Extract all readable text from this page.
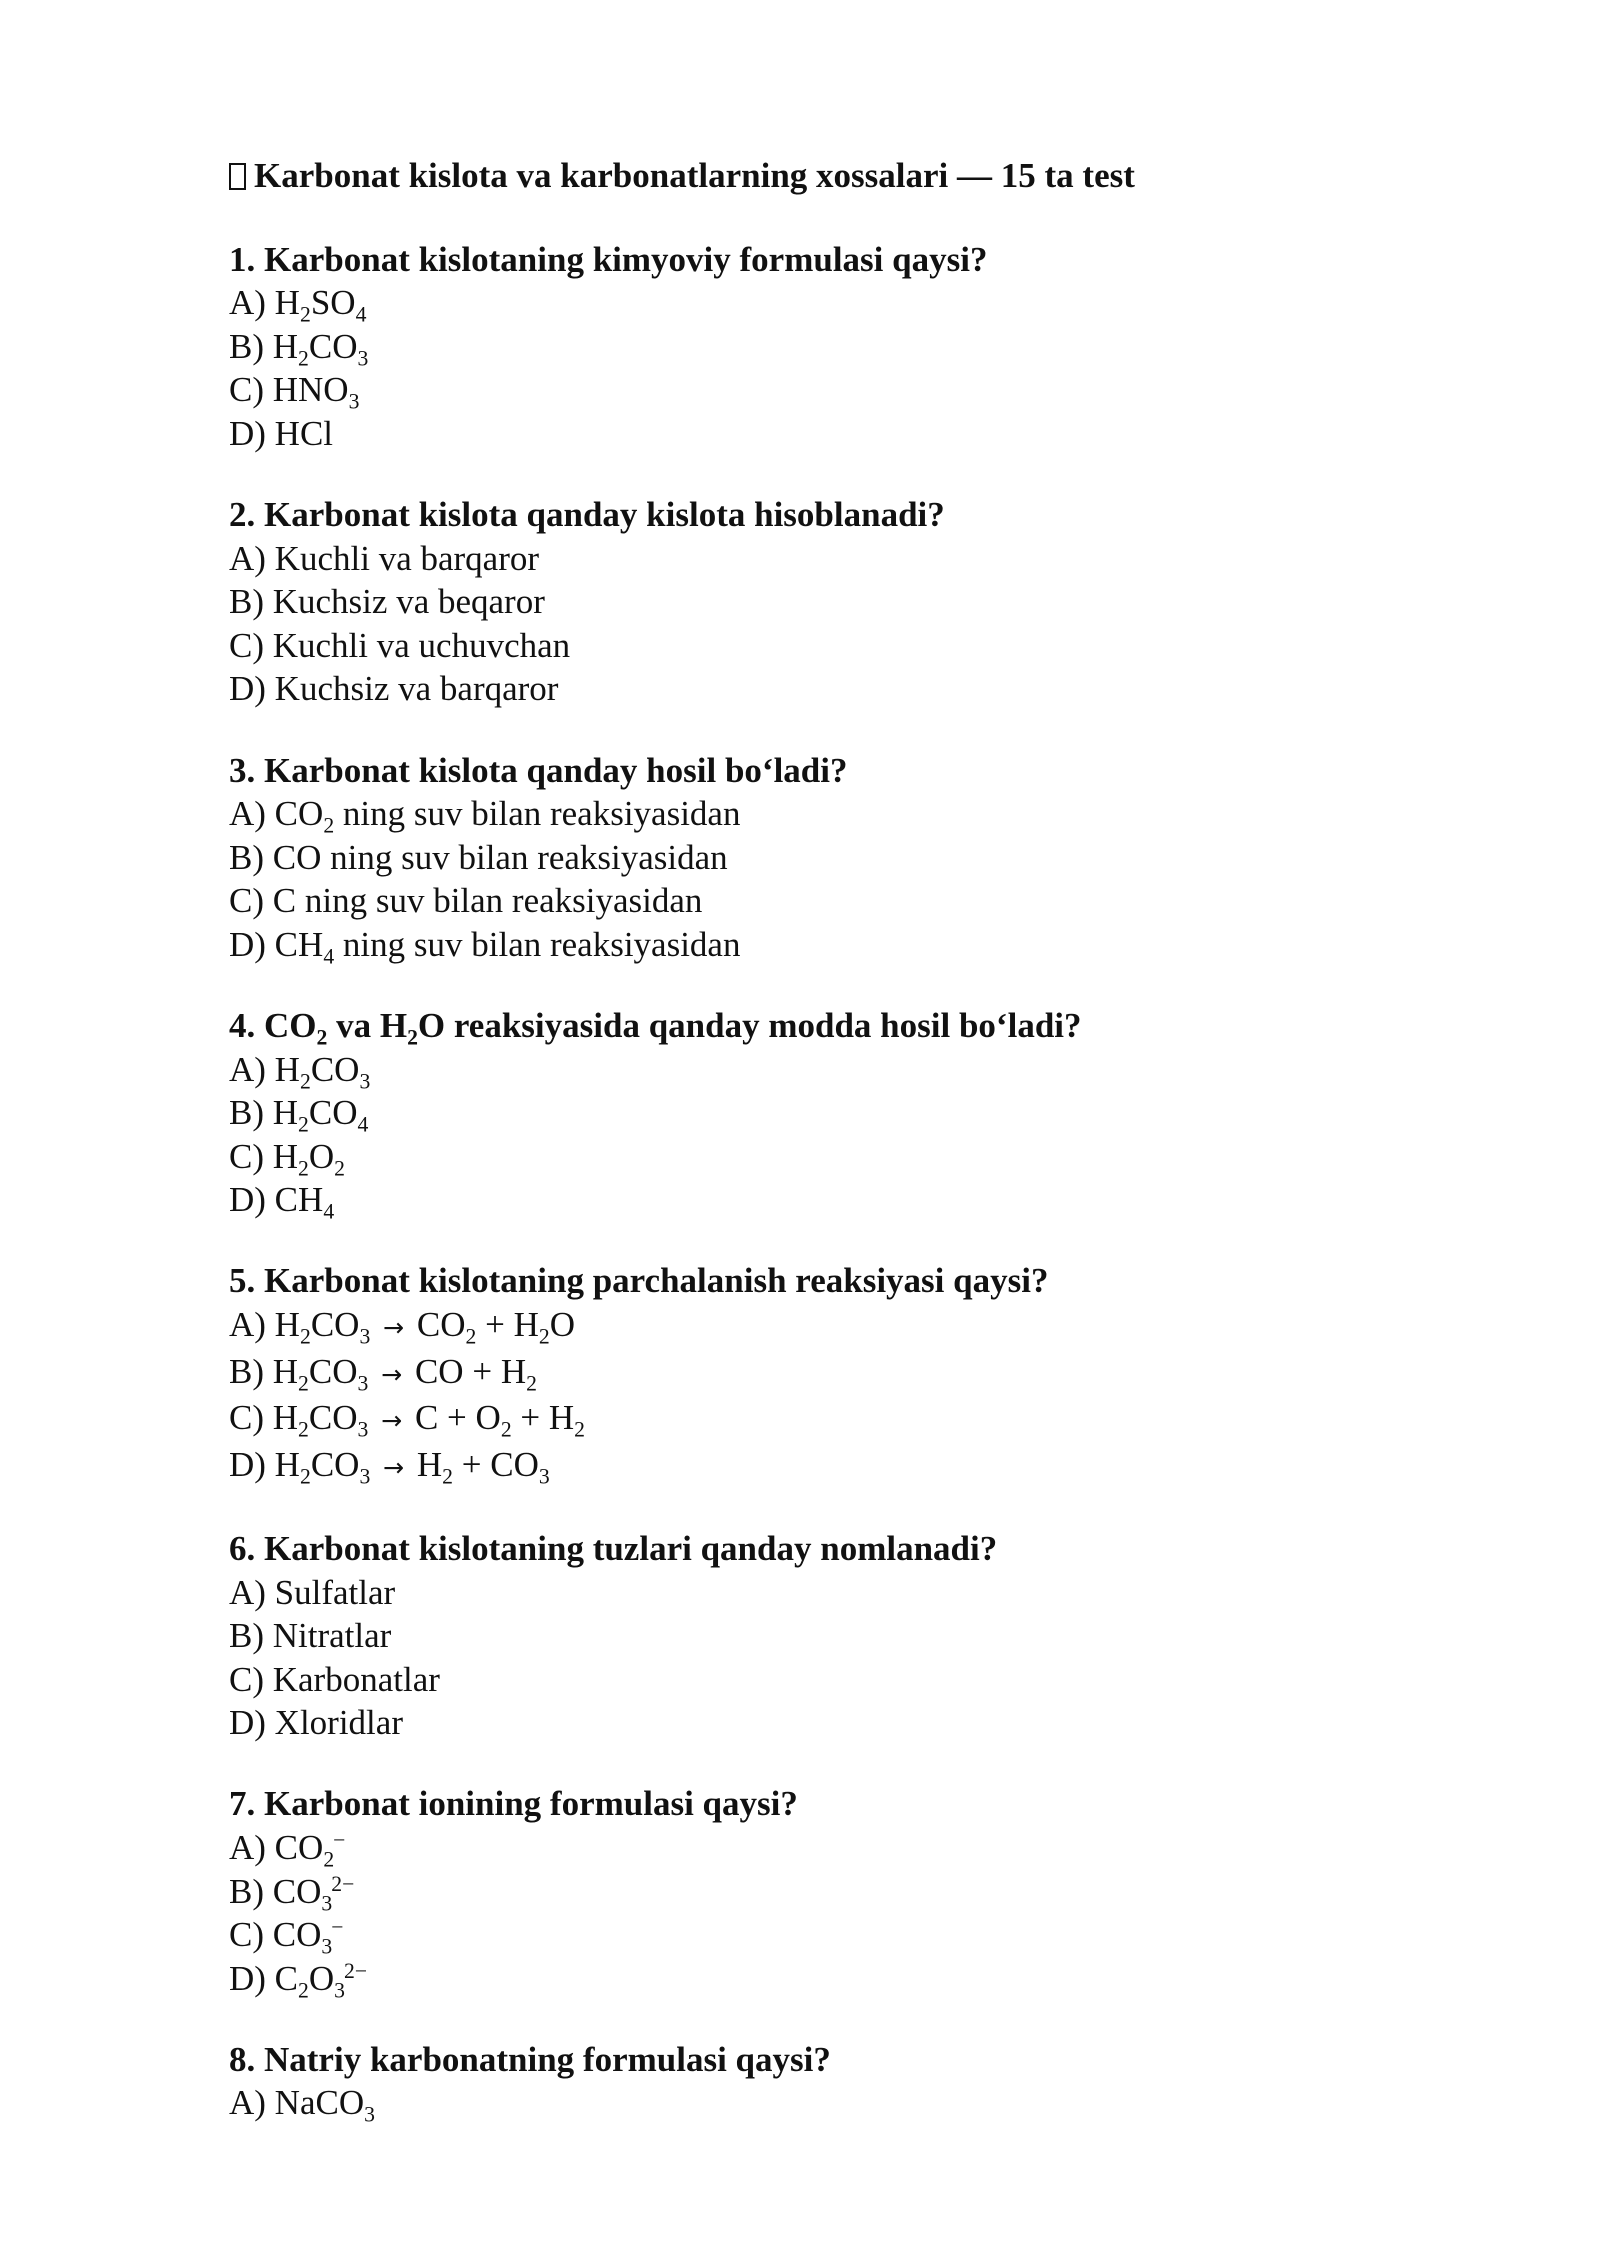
Karbonat kislota va karbonatlarning xossalari — 15 ta test
1. Karbonat kislotaning kimyoviy formulasi qaysi?
A) $H_2SO_4$
B) $H_2CO_3$
C) $HNO_3$
D) HCl
2. Karbonat kislota qanday kislota hisoblanadi?
A) Kuchli va barqaror
B) Kuchsiz va beqaror
C) Kuchli va uchuvchan
D) Kuchsiz va barqaror
3. Karbonat kislota qanday hosil bo‘ladi?
A) $CO_2$ ning suv bilan reaksiyasidan
B) CO ning suv bilan reaksiyasidan
C) C ning suv bilan reaksiyasidan
D) $CH_4$ ning suv bilan reaksiyasidan
4. $CO_2$ va $H_2O$ reaksiyasida qanday modda hosil bo‘ladi?
A) $H_2CO_3$
B) $H_2CO_4$
C) $H_2O_2$
D) $CH_4$
5. Karbonat kislotaning parchalanish reaksiyasi qaysi?
A) $H_2CO_3 \to CO_2 + H_2O$
B) $H_2CO_3$ → CO + $H_2$
C) $H_2CO_3 \to C + O_2 + H_2$
D) $H_2CO_3 \to H_2 + CO_3$
6. Karbonat kislotaning tuzlari qanday nomlanadi?
A) Sulfatlar
B) Nitratlar
C) Karbonatlar
D) Xloridlar
7. Karbonat ionining formulasi qaysi?
A) $CO_2^-$
B) $CO_3^{2-}$
C) $CO_3^-$
D) $C_2O_3^{2-}$
8. Natriy karbonatning formulasi qaysi?
A) NaCO$_3$
